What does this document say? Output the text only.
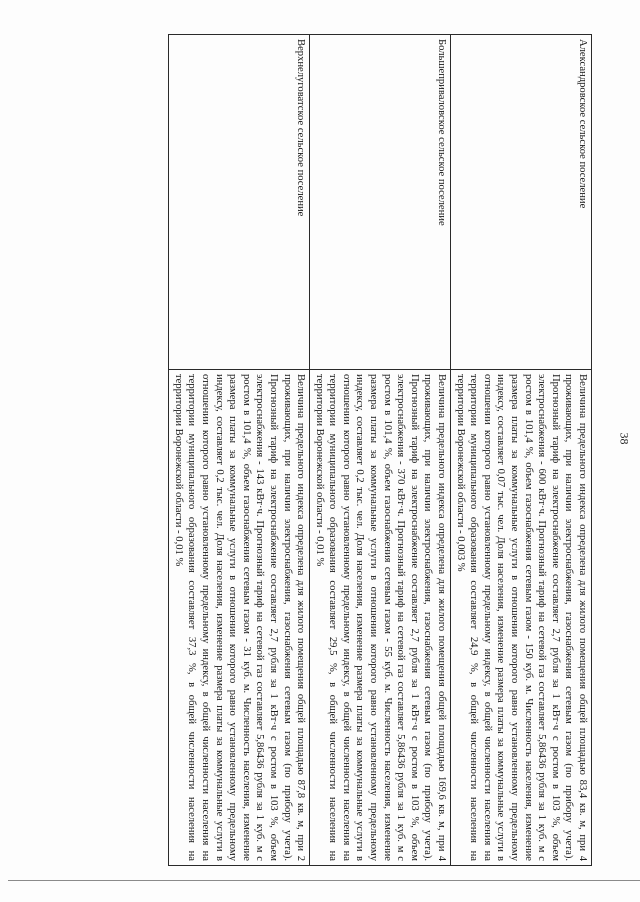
38
Александровское сельское поселение	Величина предельного индекса определена для жилого помещения общей площадью 83,4 кв. м, при 4 проживающих, при наличии электроснабжения, газоснабжения сетевым газом (по прибору учета). Прогнозный тариф на электроснабжение составляет 2,7 рубля за 1 кВт·ч с ростом в 103 %, объем электроснабжения - 600 кВт·ч. Прогнозный тариф на сетевой газ составляет 5,86436 рубля за 1 куб. м с ростом в 101,4 %, объем газоснабжения сетевым газом - 150 куб. м. Численность населения, изменение размера платы за коммунальные услуги в отношении которого равно установленному предельному индексу, составляет 0,07 тыс. чел. Доля населения, изменение размера платы за коммунальные услуги в отношении которого равно установленному предельному индексу, в общей численности населения на территории муниципального образования составляет 24,9 %, в общей численности населения на территории Воронежской области - 0,003 %
Большеприваловское сельское поселение	Величина предельного индекса определена для жилого помещения общей площадью 169,6 кв. м, при 4 проживающих, при наличии электроснабжения, газоснабжения сетевым газом (по прибору учета). Прогнозный тариф на электроснабжение составляет 2,7 рубля за 1 кВт·ч с ростом в 103 %, объем электроснабжения - 370 кВт·ч. Прогнозный тариф на сетевой газ составляет 5,86436 рубля за 1 куб. м с ростом в 101,4 %, объем газоснабжения сетевым газом - 55 куб. м. Численность населения, изменение размера платы за коммунальные услуги в отношении которого равно установленному предельному индексу, составляет 0,2 тыс. чел. Доля населения, изменение размера платы за коммунальные услуги в отношении которого равно установленному предельному индексу, в общей численности населения на территории муниципального образования составляет 29,5 %, в общей численности населения на территории Воронежской области - 0,01 %
Верхнелуговатское сельское поселение	Величина предельного индекса определена для жилого помещения общей площадью 87,8 кв. м, при 2 проживающих, при наличии электроснабжения, газоснабжения сетевым газом (по прибору учета). Прогнозный тариф на электроснабжение составляет 2,7 рубля за 1 кВт·ч с ростом в 103 %, объем электроснабжения - 143 кВт·ч. Прогнозный тариф на сетевой газ составляет 5,86436 рубля за 1 куб. м с ростом в 101,4 %, объем газоснабжения сетевым газом - 31 куб. м. Численность населения, изменение размера платы за коммунальные услуги в отношении которого равно установленному предельному индексу, составляет 0,2 тыс. чел. Доля населения, изменение размера платы за коммунальные услуги в отношении которого равно установленному предельному индексу, в общей численности населения на территории муниципального образования составляет 37,3 %, в общей численности населения на территории Воронежской области - 0,01 %
